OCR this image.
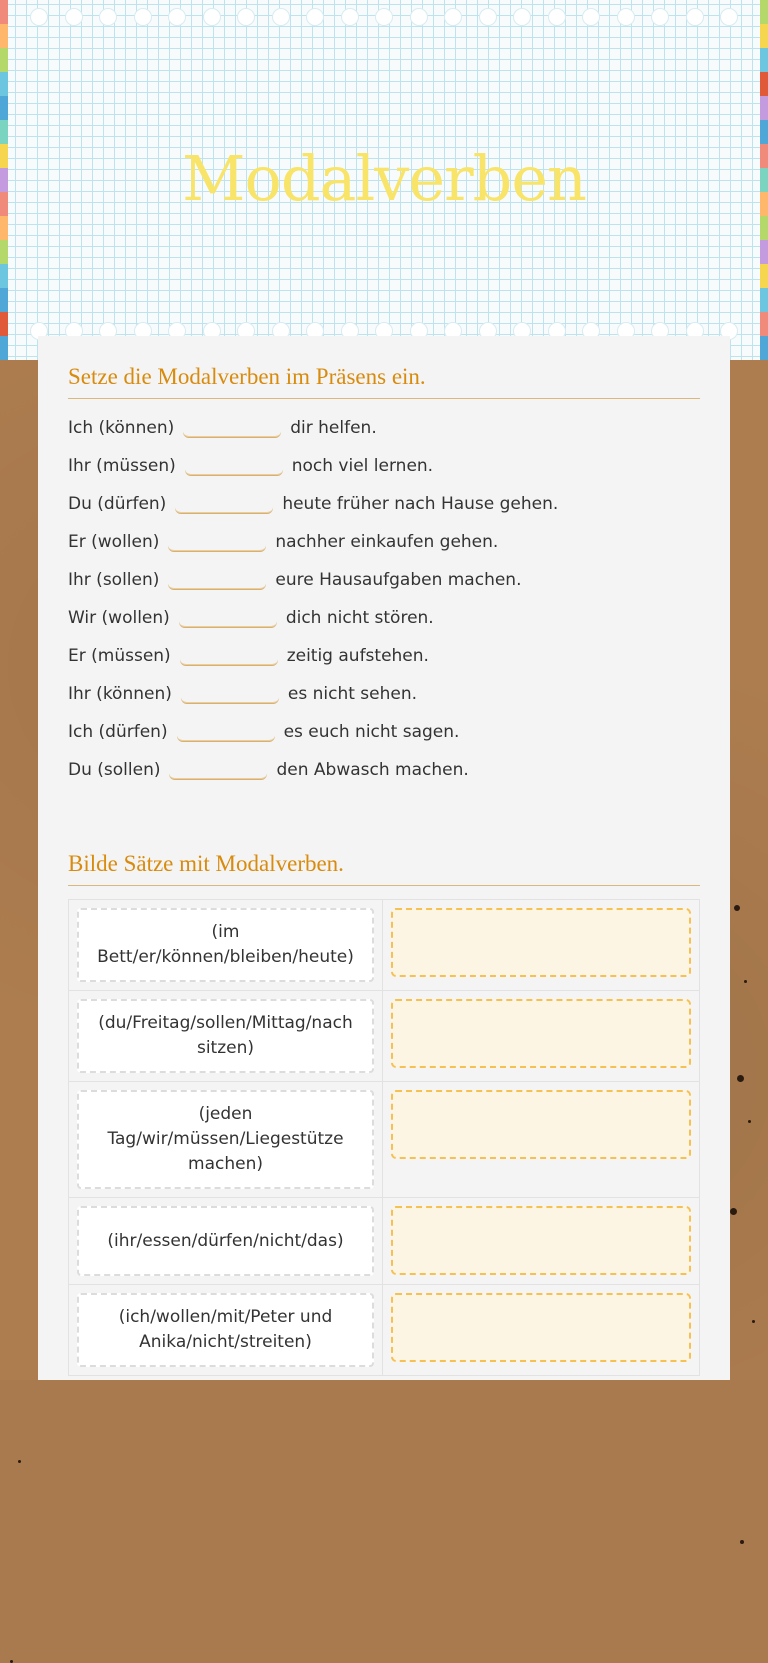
Modalverben
Setze die Modalverben im Präsens ein.
Ich (können)	dir helfen.
Ihr (müssen)	noch viel lernen.
Du (dürfen)	heute früher nach Hause gehen.
Er (wollen)	nachher einkaufen gehen.
Ihr (sollen)	eure Hausaufgaben machen.
Wir (wollen)	dich nicht stören.
Er (müssen)	zeitig aufstehen.
Ihr (können)	es nicht sehen.
Ich (dürfen)	es euch nicht sagen.
Du (sollen)	den Abwasch machen.
Bilde Sätze mit Modalverben.
(im Bett/er/können/bleiben/heute)
(du/Freitag/sollen/Mittag/nach sitzen)
(jeden Tag/wir/müssen/Liegestütze machen)
(ihr/essen/dürfen/nicht/das)
(ich/wollen/mit/Peter und Anika/nicht/streiten)
